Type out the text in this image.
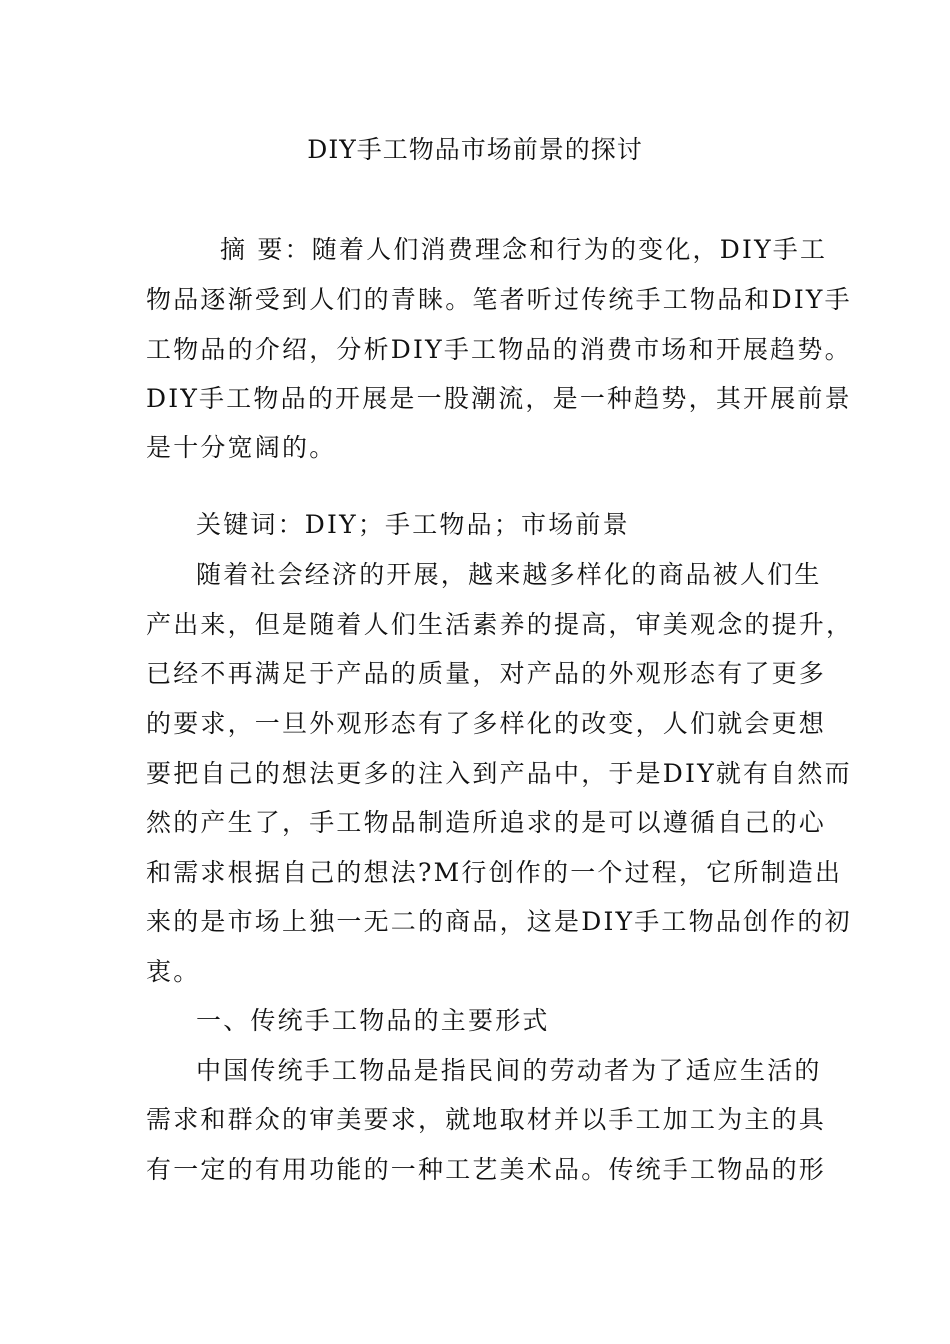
DIY手工物品市场前景的探讨
摘 要：随着人们消费理念和行为的变化，DIY手工
物品逐渐受到人们的青睐。笔者听过传统手工物品和DIY手
工物品的介绍，分析DIY手工物品的消费市场和开展趋势。
DIY手工物品的开展是一股潮流，是一种趋势，其开展前景
是十分宽阔的。
关键词：DIY；手工物品；市场前景
随着社会经济的开展，越来越多样化的商品被人们生
产出来，但是随着人们生活素养的提高，审美观念的提升，
已经不再满足于产品的质量，对产品的外观形态有了更多
的要求，一旦外观形态有了多样化的改变，人们就会更想
要把自己的想法更多的注入到产品中，于是DIY就有自然而
然的产生了，手工物品制造所追求的是可以遵循自己的心
和需求根据自己的想法?M行创作的一个过程，它所制造出
来的是市场上独一无二的商品，这是DIY手工物品创作的初
衷。
一、传统手工物品的主要形式
中国传统手工物品是指民间的劳动者为了适应生活的
需求和群众的审美要求，就地取材并以手工加工为主的具
有一定的有用功能的一种工艺美术品。传统手工物品的形
